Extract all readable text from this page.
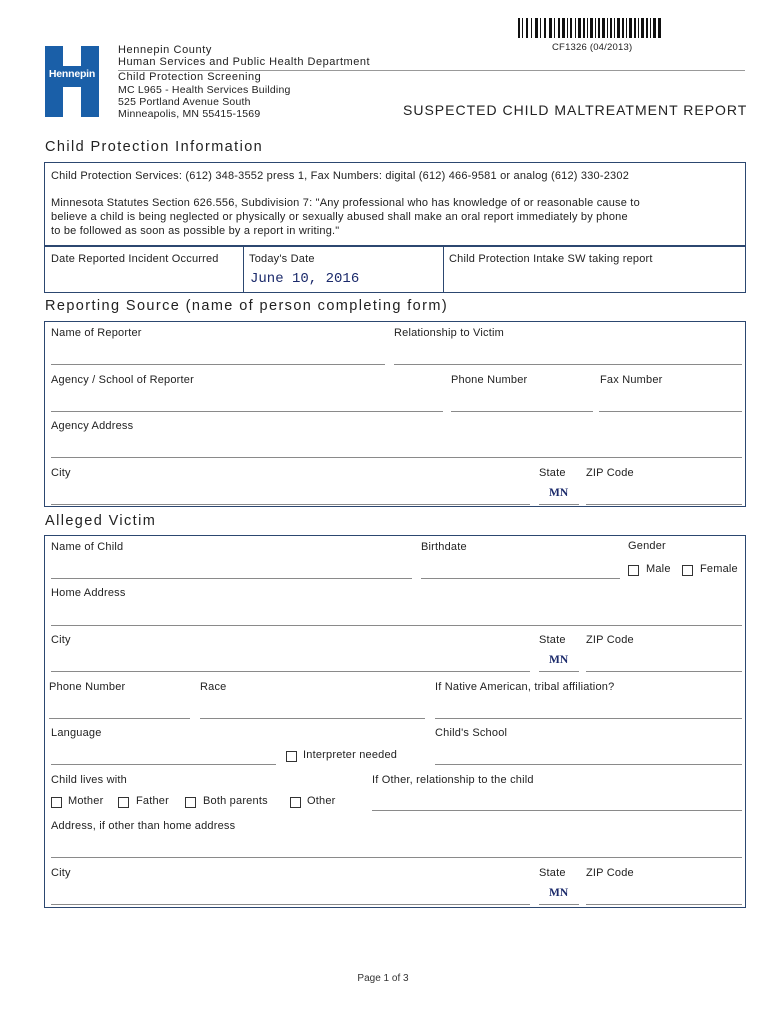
CF1326 (04/2013)
Hennepin
Hennepin County
Human Services and Public Health Department
Child Protection Screening
MC L965 - Health Services Building
525 Portland Avenue South
Minneapolis, MN 55415-1569	SUSPECTED CHILD MALTREATMENT REPORT
Child Protection Information
Child Protection Services: (612) 348-3552 press 1, Fax Numbers: digital (612) 466-9581 or analog (612) 330-2302
Minnesota Statutes Section 626.556, Subdivision 7: "Any professional who has knowledge of or reasonable cause to
believe a child is being neglected or physically or sexually abused shall make an oral report immediately by phone
to be followed as soon as possible by a report in writing."
Date Reported Incident Occurred	Today's Date
June 10, 2016
Child Protection Intake SW taking report
Reporting Source (name of person completing form)
Name of Reporter	Relationship to Victim
Agency / School of Reporter	Phone Number	Fax Number
Agency Address
City	State
MN
ZIP Code
Alleged Victim
Name of Child	Birthdate	Gender
Male	Female
Home Address
City	State
MN
ZIP Code
Phone Number	Race	If Native American, tribal affiliation?
Language
Interpreter needed
Child's School
Child lives with	If Other, relationship to the child
Mother	Father	Both parents	Other
Address, if other than home address
City	State
MN
ZIP Code
Page 1 of 3
